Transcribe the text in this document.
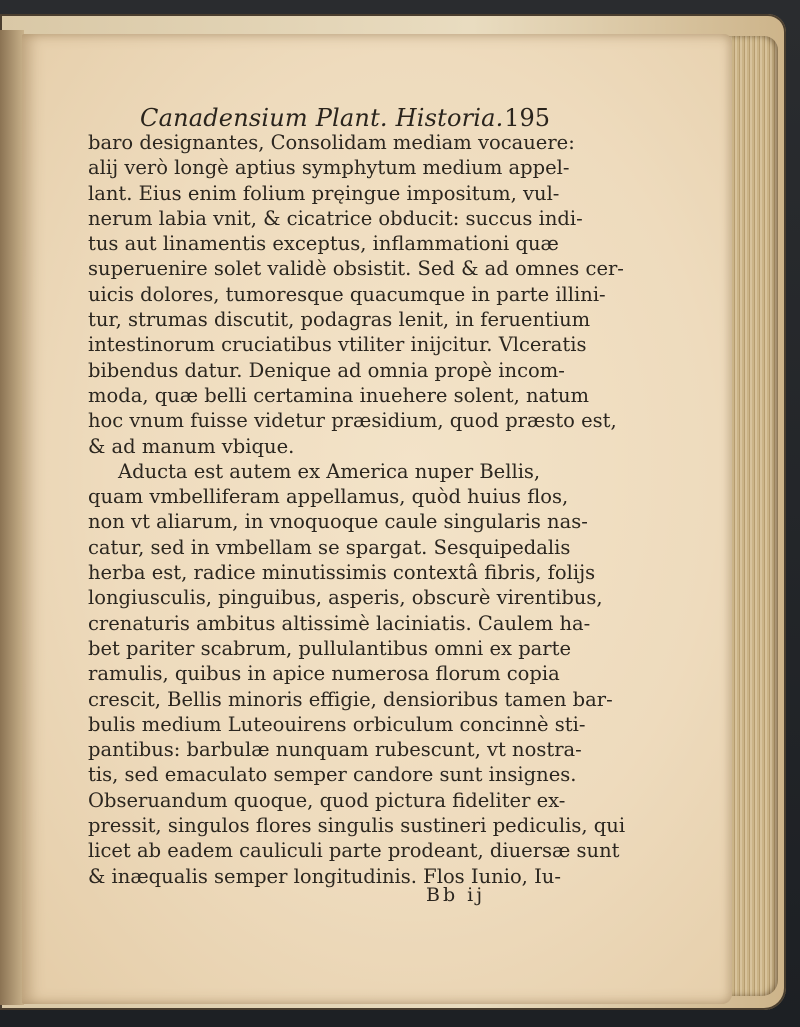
Canadensium Plant. Historia. 195
baro designantes, Consolidam mediam vocauere:
alij verò longè aptius symphytum medium appel-
lant. Eius enim folium pręingue impositum, vul-
nerum labia vnit, & cicatrice obducit: succus indi-
tus aut linamentis exceptus, inflammationi quæ
superuenire solet validè obsistit. Sed & ad omnes cer-
uicis dolores, tumoresque quacumque in parte illini-
tur, strumas discutit, podagras lenit, in feruentium
intestinorum cruciatibus vtiliter inijcitur. Vlceratis
bibendus datur. Denique ad omnia propè incom-
moda, quæ belli certamina inuehere solent, natum
hoc vnum fuisse videtur præsidium, quod præsto est,
& ad manum vbique.
Aducta est autem ex America nuper Bellis,
quam vmbelliferam appellamus, quòd huius flos,
non vt aliarum, in vnoquoque caule singularis nas-
catur, sed in vmbellam se spargat. Sesquipedalis
herba est, radice minutissimis contextâ fibris, folijs
longiusculis, pinguibus, asperis, obscurè virentibus,
crenaturis ambitus altissimè laciniatis. Caulem ha-
bet pariter scabrum, pullulantibus omni ex parte
ramulis, quibus in apice numerosa florum copia
crescit, Bellis minoris effigie, densioribus tamen bar-
bulis medium Luteouirens orbiculum concinnè sti-
pantibus: barbulæ nunquam rubescunt, vt nostra-
tis, sed emaculato semper candore sunt insignes.
Obseruandum quoque, quod pictura fideliter ex-
pressit, singulos flores singulis sustineri pediculis, qui
licet ab eadem cauliculi parte prodeant, diuersæ sunt
& inæqualis semper longitudinis. Flos Iunio, Iu-
Bb ij
